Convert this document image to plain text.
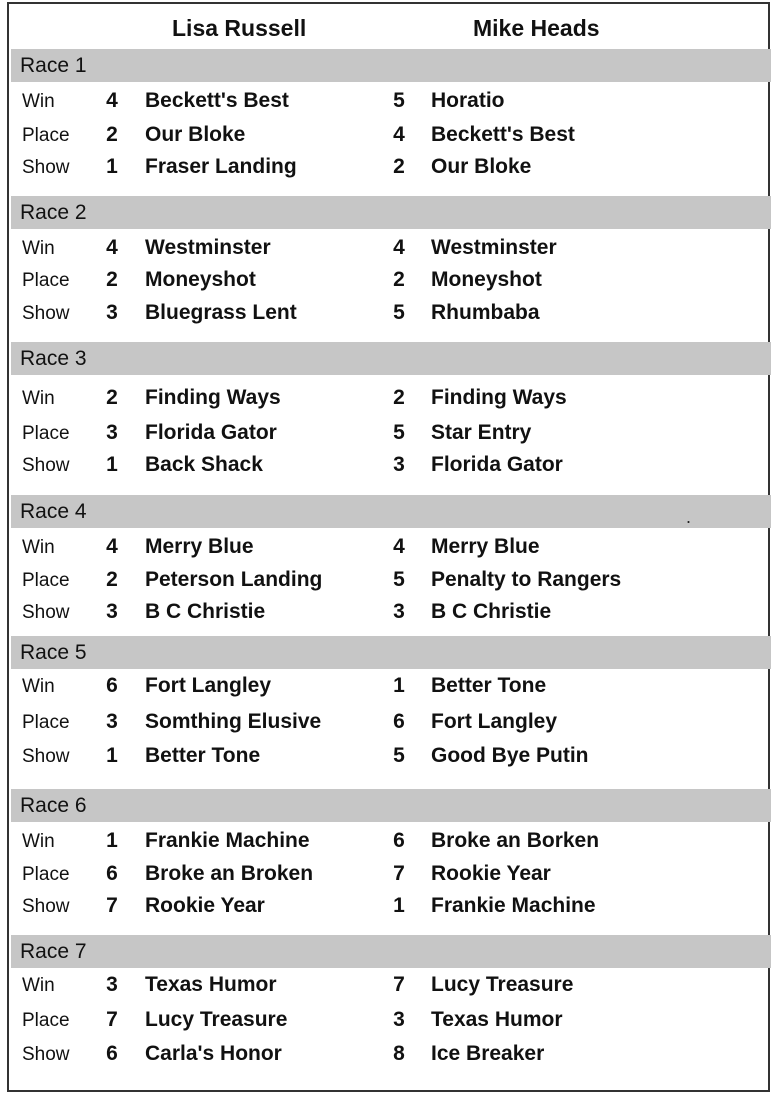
Lisa Russell	Mike Heads
Race 1
Win 4 Beckett's Best	5 Horatio
Place 2 Our Bloke	4 Beckett's Best
Show 1 Fraser Landing	2 Our Bloke
Race 2
Win 4 Westminster	4 Westminster
Place 2 Moneyshot	2 Moneyshot
Show 3 Bluegrass Lent	5 Rhumbaba
Race 3
Win 2 Finding Ways	2 Finding Ways
Place 3 Florida Gator	5 Star Entry
Show 1 Back Shack	3 Florida Gator
Race 4	.
Win 4 Merry Blue	4 Merry Blue
Place 2 Peterson Landing	5 Penalty to Rangers
Show 3 B C Christie	3 B C Christie
Race 5
Win 6 Fort Langley	1 Better Tone
Place 3 Somthing Elusive	6 Fort Langley
Show 1 Better Tone	5 Good Bye Putin
Race 6
Win 1 Frankie Machine	6 Broke an Borken
Place 6 Broke an Broken	7 Rookie Year
Show 7 Rookie Year	1 Frankie Machine
Race 7
Win 3 Texas Humor	7 Lucy Treasure
Place 7 Lucy Treasure	3 Texas Humor
Show 6 Carla's Honor	8 Ice Breaker
